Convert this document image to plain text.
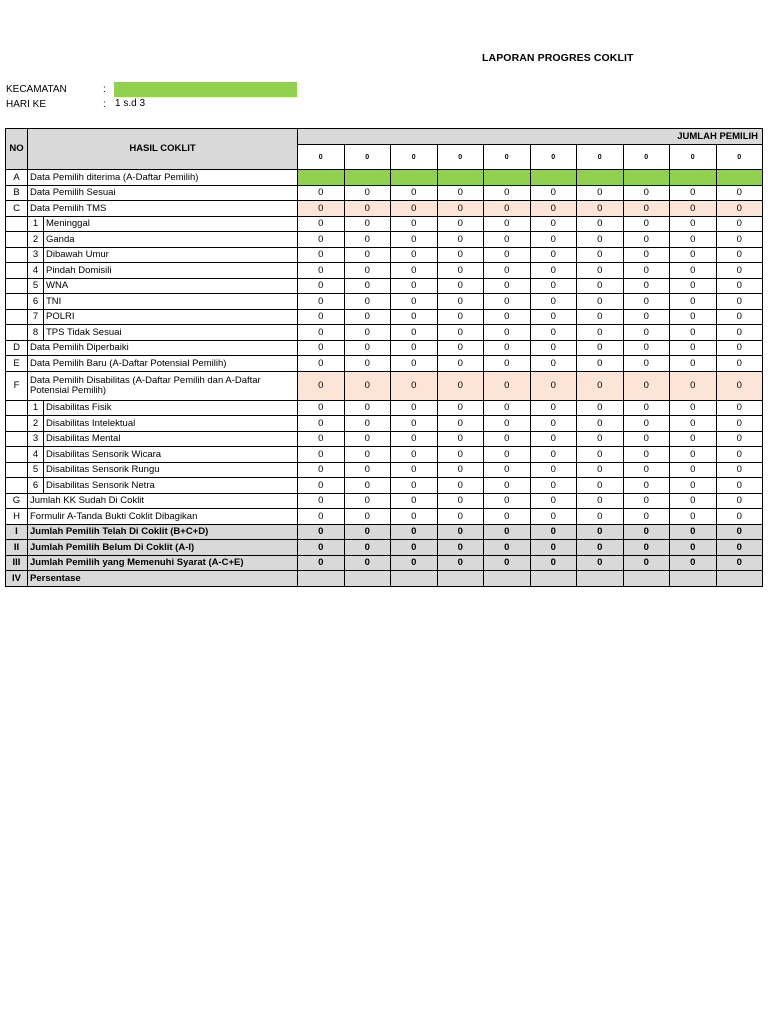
LAPORAN PROGRES COKLIT
KECAMATAN	:
HARI KE	: 1 s.d 3
NO	HASIL COKLIT		JUMLAH PEMILIH									
			0	0	0	0	0	0	0	0	0	0
A	Data Pemilih diterima (A-Daftar Pemilih)											
B	Data Pemilih Sesuai		0	0	0	0	0	0	0	0	0	0
C	Data Pemilih TMS		0	0	0	0	0	0	0	0	0	0
	1	Meninggal	0	0	0	0	0	0	0	0	0	0
	2	Ganda	0	0	0	0	0	0	0	0	0	0
	3	Dibawah Umur	0	0	0	0	0	0	0	0	0	0
	4	Pindah Domisili	0	0	0	0	0	0	0	0	0	0
	5	WNA	0	0	0	0	0	0	0	0	0	0
	6	TNI	0	0	0	0	0	0	0	0	0	0
	7	POLRI	0	0	0	0	0	0	0	0	0	0
	8	TPS Tidak Sesuai	0	0	0	0	0	0	0	0	0	0
D	Data Pemilih Diperbaiki		0	0	0	0	0	0	0	0	0	0
E	Data Pemilih Baru (A-Daftar Potensial Pemilih)		0	0	0	0	0	0	0	0	0	0
F	Data Pemilih Disabilitas (A-Daftar Pemilih dan A-Daftar Potensial Pemilih)		0	0	0	0	0	0	0	0	0	0
	1	Disabilitas Fisik	0	0	0	0	0	0	0	0	0	0
	2	Disabilitas Intelektual	0	0	0	0	0	0	0	0	0	0
	3	Disabilitas Mental	0	0	0	0	0	0	0	0	0	0
	4	Disabilitas Sensorik Wicara	0	0	0	0	0	0	0	0	0	0
	5	Disabilitas Sensorik Rungu	0	0	0	0	0	0	0	0	0	0
	6	Disabilitas Sensorik Netra	0	0	0	0	0	0	0	0	0	0
G	Jumlah KK Sudah Di Coklit		0	0	0	0	0	0	0	0	0	0
H	Formulir A-Tanda Bukti Coklit Dibagikan		0	0	0	0	0	0	0	0	0	0
I	Jumlah Pemilih Telah Di Coklit (B+C+D)		0	0	0	0	0	0	0	0	0	0
II	Jumlah Pemilih Belum Di Coklit (A-I)		0	0	0	0	0	0	0	0	0	0
III	Jumlah Pemilih yang Memenuhi Syarat (A-C+E)		0	0	0	0	0	0	0	0	0	0
IV	Persentase											
